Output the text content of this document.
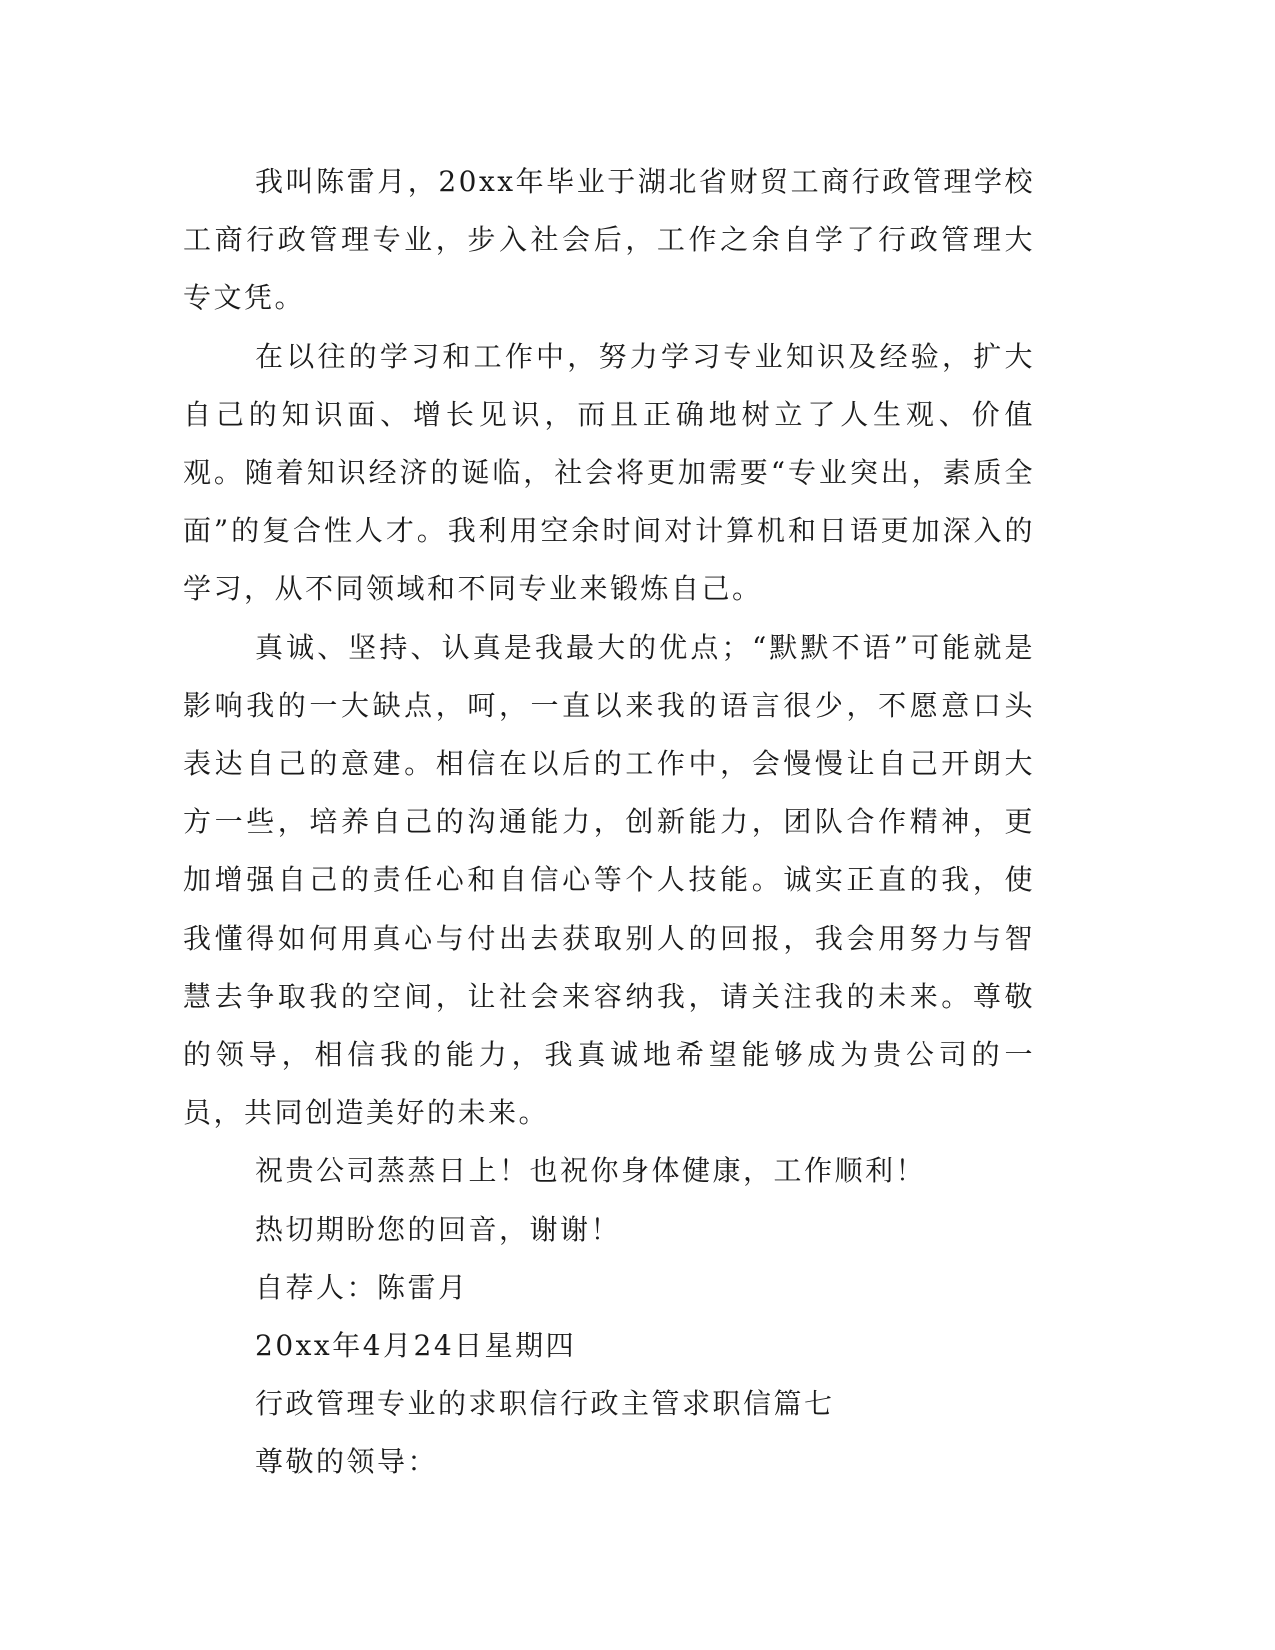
我叫陈雷月，20xx年毕业于湖北省财贸工商行政管理学校工商行政管理专业，步入社会后，工作之余自学了行政管理大专文凭。

在以往的学习和工作中，努力学习专业知识及经验，扩大自己的知识面、增长见识，而且正确地树立了人生观、价值观。随着知识经济的诞临，社会将更加需要“专业突出，素质全面”的复合性人才。我利用空余时间对计算机和日语更加深入的学习，从不同领域和不同专业来锻炼自己。

真诚、坚持、认真是我最大的优点；“默默不语”可能就是影响我的一大缺点，呵，一直以来我的语言很少，不愿意口头表达自己的意建。相信在以后的工作中，会慢慢让自己开朗大方一些，培养自己的沟通能力，创新能力，团队合作精神，更加增强自己的责任心和自信心等个人技能。诚实正直的我，使我懂得如何用真心与付出去获取别人的回报，我会用努力与智慧去争取我的空间，让社会来容纳我，请关注我的未来。尊敬的领导，相信我的能力，我真诚地希望能够成为贵公司的一员，共同创造美好的未来。

祝贵公司蒸蒸日上！也祝你身体健康，工作顺利！

热切期盼您的回音，谢谢！

自荐人：陈雷月

20xx年4月24日星期四

行政管理专业的求职信行政主管求职信篇七

尊敬的领导：
